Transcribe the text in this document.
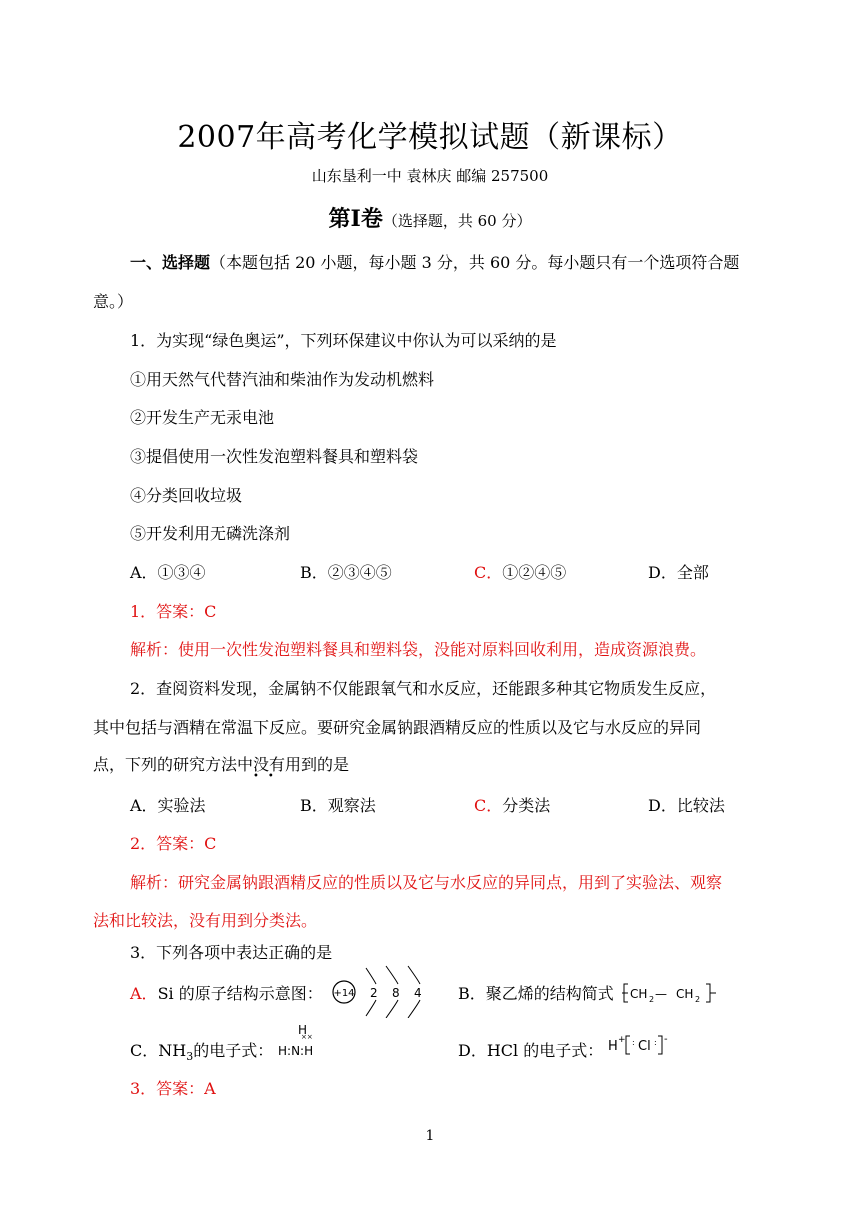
2007年高考化学模拟试题（新课标）
山东垦利一中 袁林庆 邮编 257500
第Ⅰ卷（选择题，共 60 分）
一、选择题（本题包括 20 小题，每小题 3 分，共 60 分。每小题只有一个选项符合题
意。）
1．为实现“绿色奥运”，下列环保建议中你认为可以采纳的是
①用天然气代替汽油和柴油作为发动机燃料
②开发生产无汞电池
③提倡使用一次性发泡塑料餐具和塑料袋
④分类回收垃圾
⑤开发利用无磷洗涤剂
A．①③④	B．②③④⑤	C．①②④⑤	D．全部
1．答案：C
解析：使用一次性发泡塑料餐具和塑料袋，没能对原料回收利用，造成资源浪费。
2．查阅资料发现，金属钠不仅能跟氧气和水反应，还能跟多种其它物质发生反应，
其中包括与酒精在常温下反应。要研究金属钠跟酒精反应的性质以及它与水反应的异同
点，下列的研究方法中没有
••
用到的是
A．实验法	B．观察法	C．分类法	D．比较法
2．答案：C
解析：研究金属钠跟酒精反应的性质以及它与水反应的异同点，用到了实验法、观察
法和比较法，没有用到分类法。
3．下列各项中表达正确的是
A．Si 的原子结构示意图： +14 2 8 4 B．聚乙烯的结构简式 CH 2 — CH 2
C．$NH_3$的电子式：
H
××
H:N:H	D．HCl 的电子式： H + : Cl : -
3．答案：A
1
